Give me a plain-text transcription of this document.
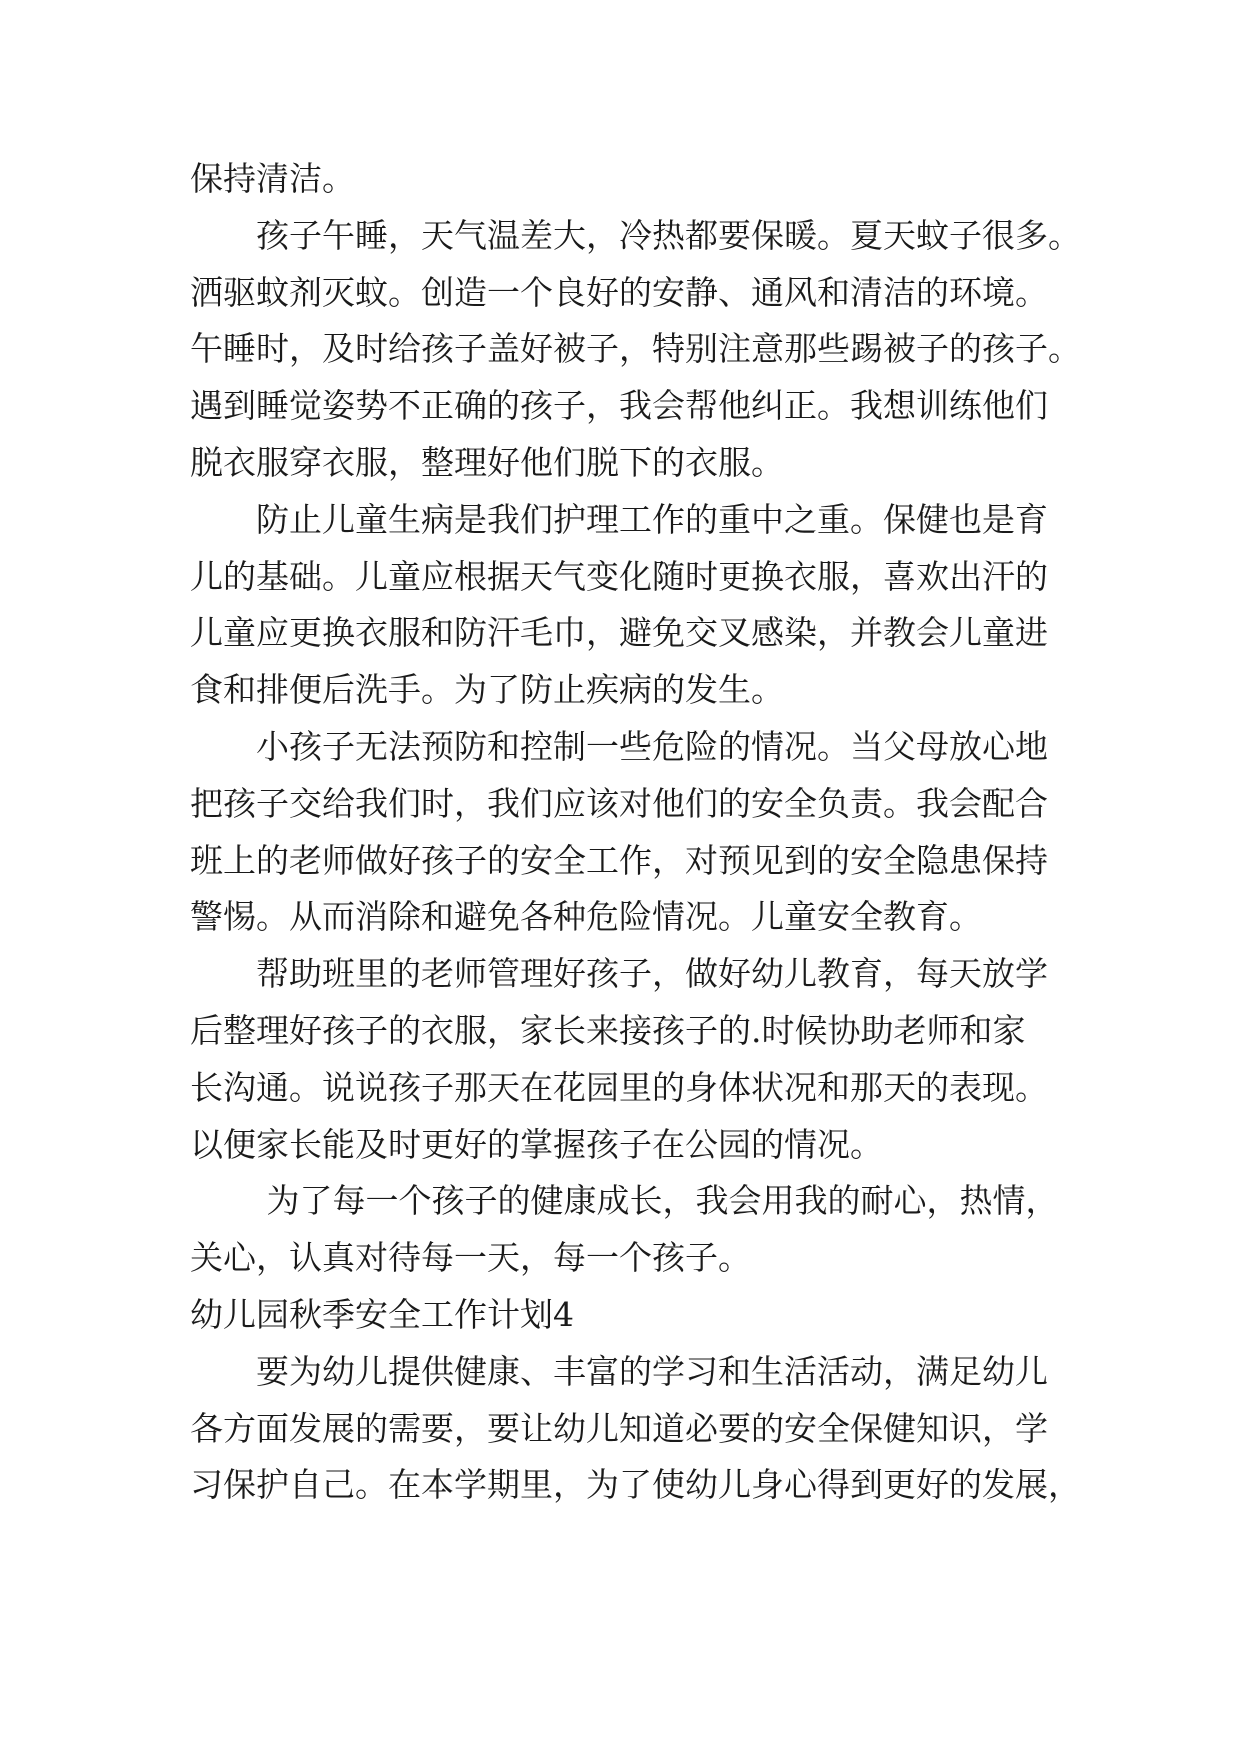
保持清洁。
　　孩子午睡，天气温差大，冷热都要保暖。夏天蚊子很多。
洒驱蚊剂灭蚊。创造一个良好的安静、通风和清洁的环境。
午睡时，及时给孩子盖好被子，特别注意那些踢被子的孩子。
遇到睡觉姿势不正确的孩子，我会帮他纠正。我想训练他们
脱衣服穿衣服，整理好他们脱下的衣服。
　　防止儿童生病是我们护理工作的重中之重。保健也是育
儿的基础。儿童应根据天气变化随时更换衣服，喜欢出汗的
儿童应更换衣服和防汗毛巾，避免交叉感染，并教会儿童进
食和排便后洗手。为了防止疾病的发生。
　　小孩子无法预防和控制一些危险的情况。当父母放心地
把孩子交给我们时，我们应该对他们的安全负责。我会配合
班上的老师做好孩子的安全工作，对预见到的安全隐患保持
警惕。从而消除和避免各种危险情况。儿童安全教育。
　　帮助班里的老师管理好孩子，做好幼儿教育，每天放学
后整理好孩子的衣服，家长来接孩子的.时候协助老师和家
长沟通。说说孩子那天在花园里的身体状况和那天的表现。
以便家长能及时更好的掌握孩子在公园的情况。
　　 为了每一个孩子的健康成长，我会用我的耐心，热情，
关心，认真对待每一天，每一个孩子。
幼儿园秋季安全工作计划4
　　要为幼儿提供健康、丰富的学习和生活活动，满足幼儿
各方面发展的需要，要让幼儿知道必要的安全保健知识，学
习保护自己。在本学期里，为了使幼儿身心得到更好的发展，
